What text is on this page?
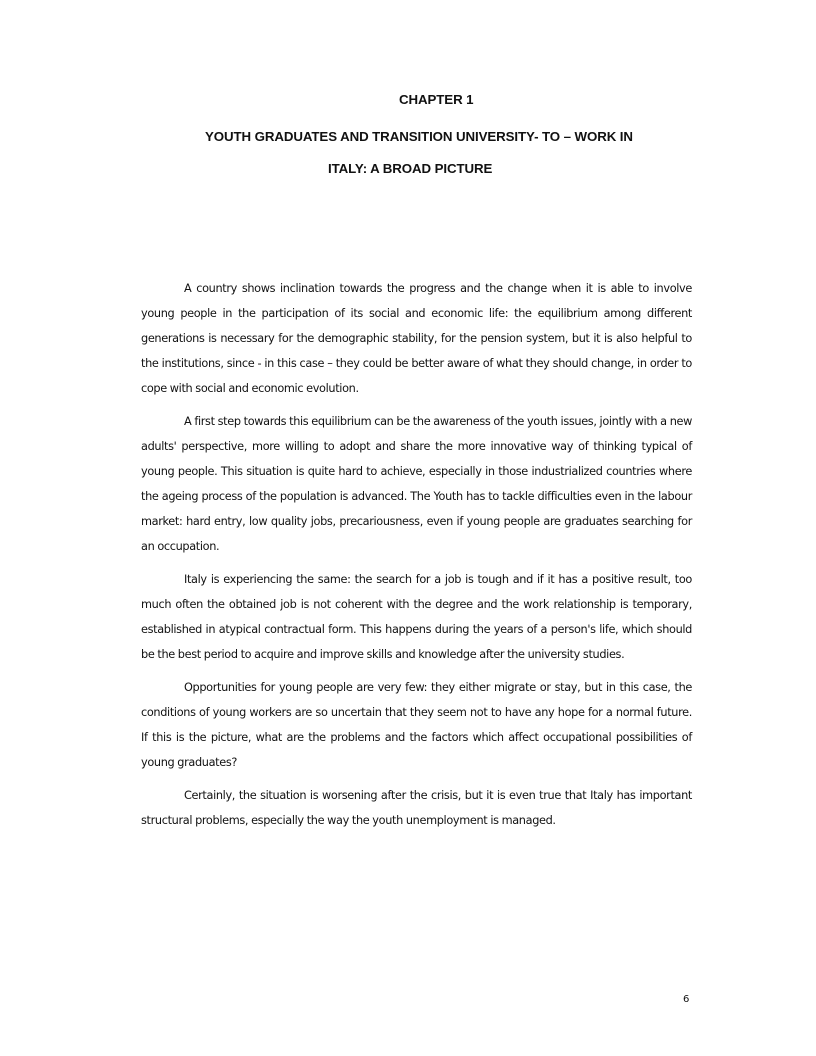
CHAPTER 1
YOUTH GRADUATES AND TRANSITION UNIVERSITY- TO – WORK IN
ITALY: A BROAD PICTURE

A country shows inclination towards the progress and the change when it is able to involve young people in the participation of its social and economic life: the equilibrium among different generations is necessary for the demographic stability, for the pension system, but it is also helpful to the institutions, since - in this case – they could be better aware of what they should change, in order to cope with social and economic evolution.

A first step towards this equilibrium can be the awareness of the youth issues, jointly with a new adults' perspective, more willing to adopt and share the more innovative way of thinking typical of young people. This situation is quite hard to achieve, especially in those industrialized countries where the ageing process of the population is advanced. The Youth has to tackle difficulties even in the labour market: hard entry, low quality jobs, precariousness, even if young people are graduates searching for an occupation.

Italy is experiencing the same: the search for a job is tough and if it has a positive result, too much often the obtained job is not coherent with the degree and the work relationship is temporary, established in atypical contractual form. This happens during the years of a person's life, which should be the best period to acquire and improve skills and knowledge after the university studies.

Opportunities for young people are very few: they either migrate or stay, but in this case, the conditions of young workers are so uncertain that they seem not to have any hope for a normal future. If this is the picture, what are the problems and the factors which affect occupational possibilities of young graduates?

Certainly, the situation is worsening after the crisis, but it is even true that Italy has important structural problems, especially the way the youth unemployment is managed.

6
